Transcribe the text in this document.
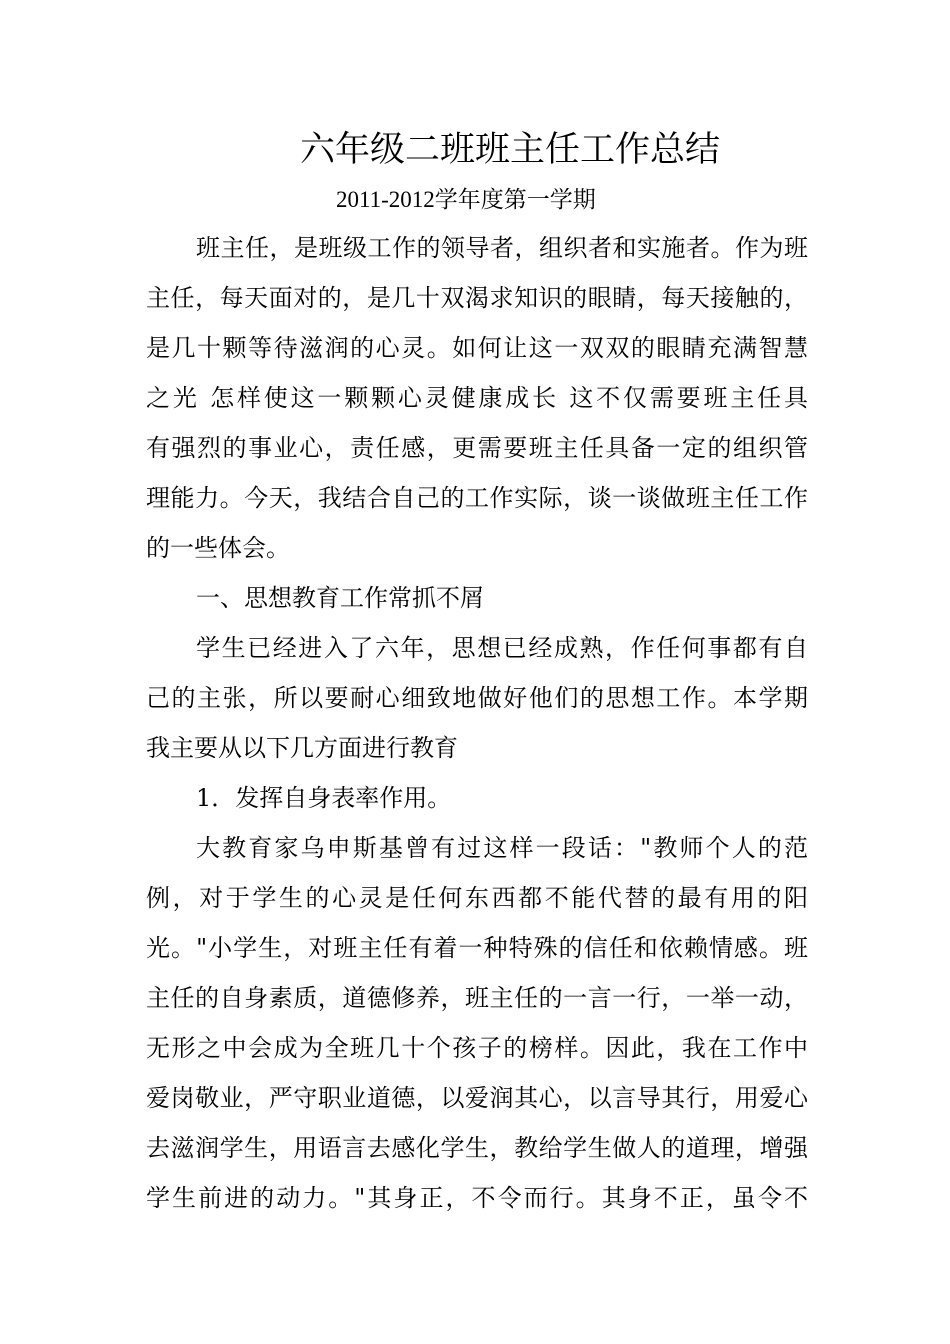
六年级二班班主任工作总结
2011-2012学年度第一学期
班主任，是班级工作的领导者，组织者和实施者。作为班
主任，每天面对的，是几十双渴求知识的眼睛，每天接触的，
是几十颗等待滋润的心灵。如何让这一双双的眼睛充满智慧
之光 怎样使这一颗颗心灵健康成长 这不仅需要班主任具
有强烈的事业心，责任感，更需要班主任具备一定的组织管
理能力。今天，我结合自己的工作实际，谈一谈做班主任工作
的一些体会。
一、思想教育工作常抓不屑
学生已经进入了六年，思想已经成熟，作任何事都有自
己的主张，所以要耐心细致地做好他们的思想工作。本学期
我主要从以下几方面进行教育
1．发挥自身表率作用。
大教育家乌申斯基曾有过这样一段话："教师个人的范
例，对于学生的心灵是任何东西都不能代替的最有用的阳
光。"小学生，对班主任有着一种特殊的信任和依赖情感。班
主任的自身素质，道德修养，班主任的一言一行，一举一动，
无形之中会成为全班几十个孩子的榜样。因此，我在工作中
爱岗敬业，严守职业道德，以爱润其心，以言导其行，用爱心
去滋润学生，用语言去感化学生，教给学生做人的道理，增强
学生前进的动力。"其身正，不令而行。其身不正，虽令不
